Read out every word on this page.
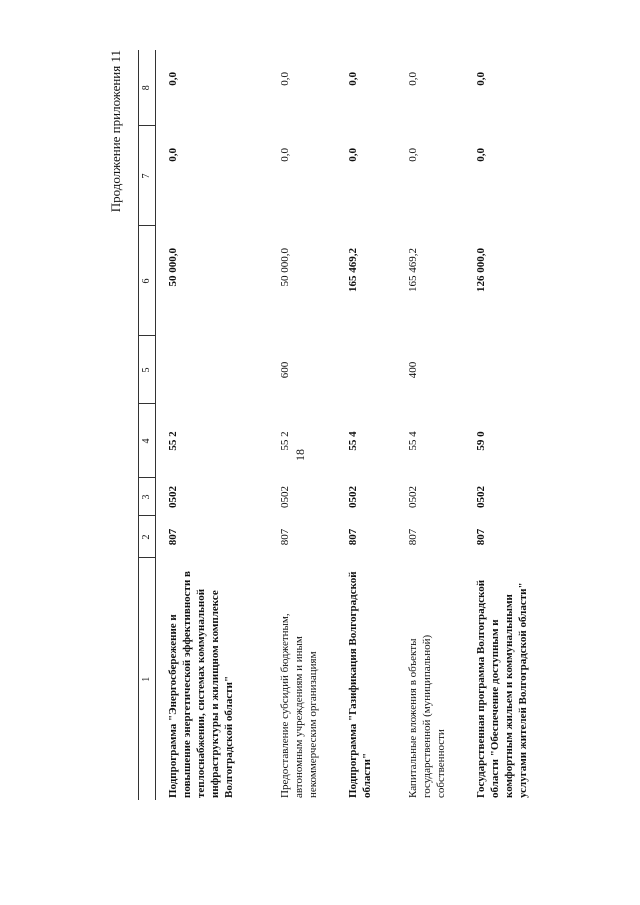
18
Продолжение приложения 11
1	2	3	4	5	6	7	8
Подпрограмма "Энергосбережение и повышение энергетической эффективности в теплоснабжении, системах коммунальной инфраструктуры и жилищном комплексе Волгоградской области"	807	0502	55 2		50 000,0	0,0	0,0
Предоставление субсидий бюджетным, автономным учреждениям и иным некоммерческим организациям	807	0502	55 2	600	50 000,0	0,0	0,0
Подпрограмма "Газификация Волгоградской области"	807	0502	55 4		165 469,2	0,0	0,0
Капитальные вложения в объекты государственной (муниципальной) собственности	807	0502	55 4	400	165 469,2	0,0	0,0
Государственная программа Волгоградской области "Обеспечение доступным и комфортным жильем и коммунальными услугами жителей Волгоградской области"	807	0502	59 0		126 000,0	0,0	0,0
